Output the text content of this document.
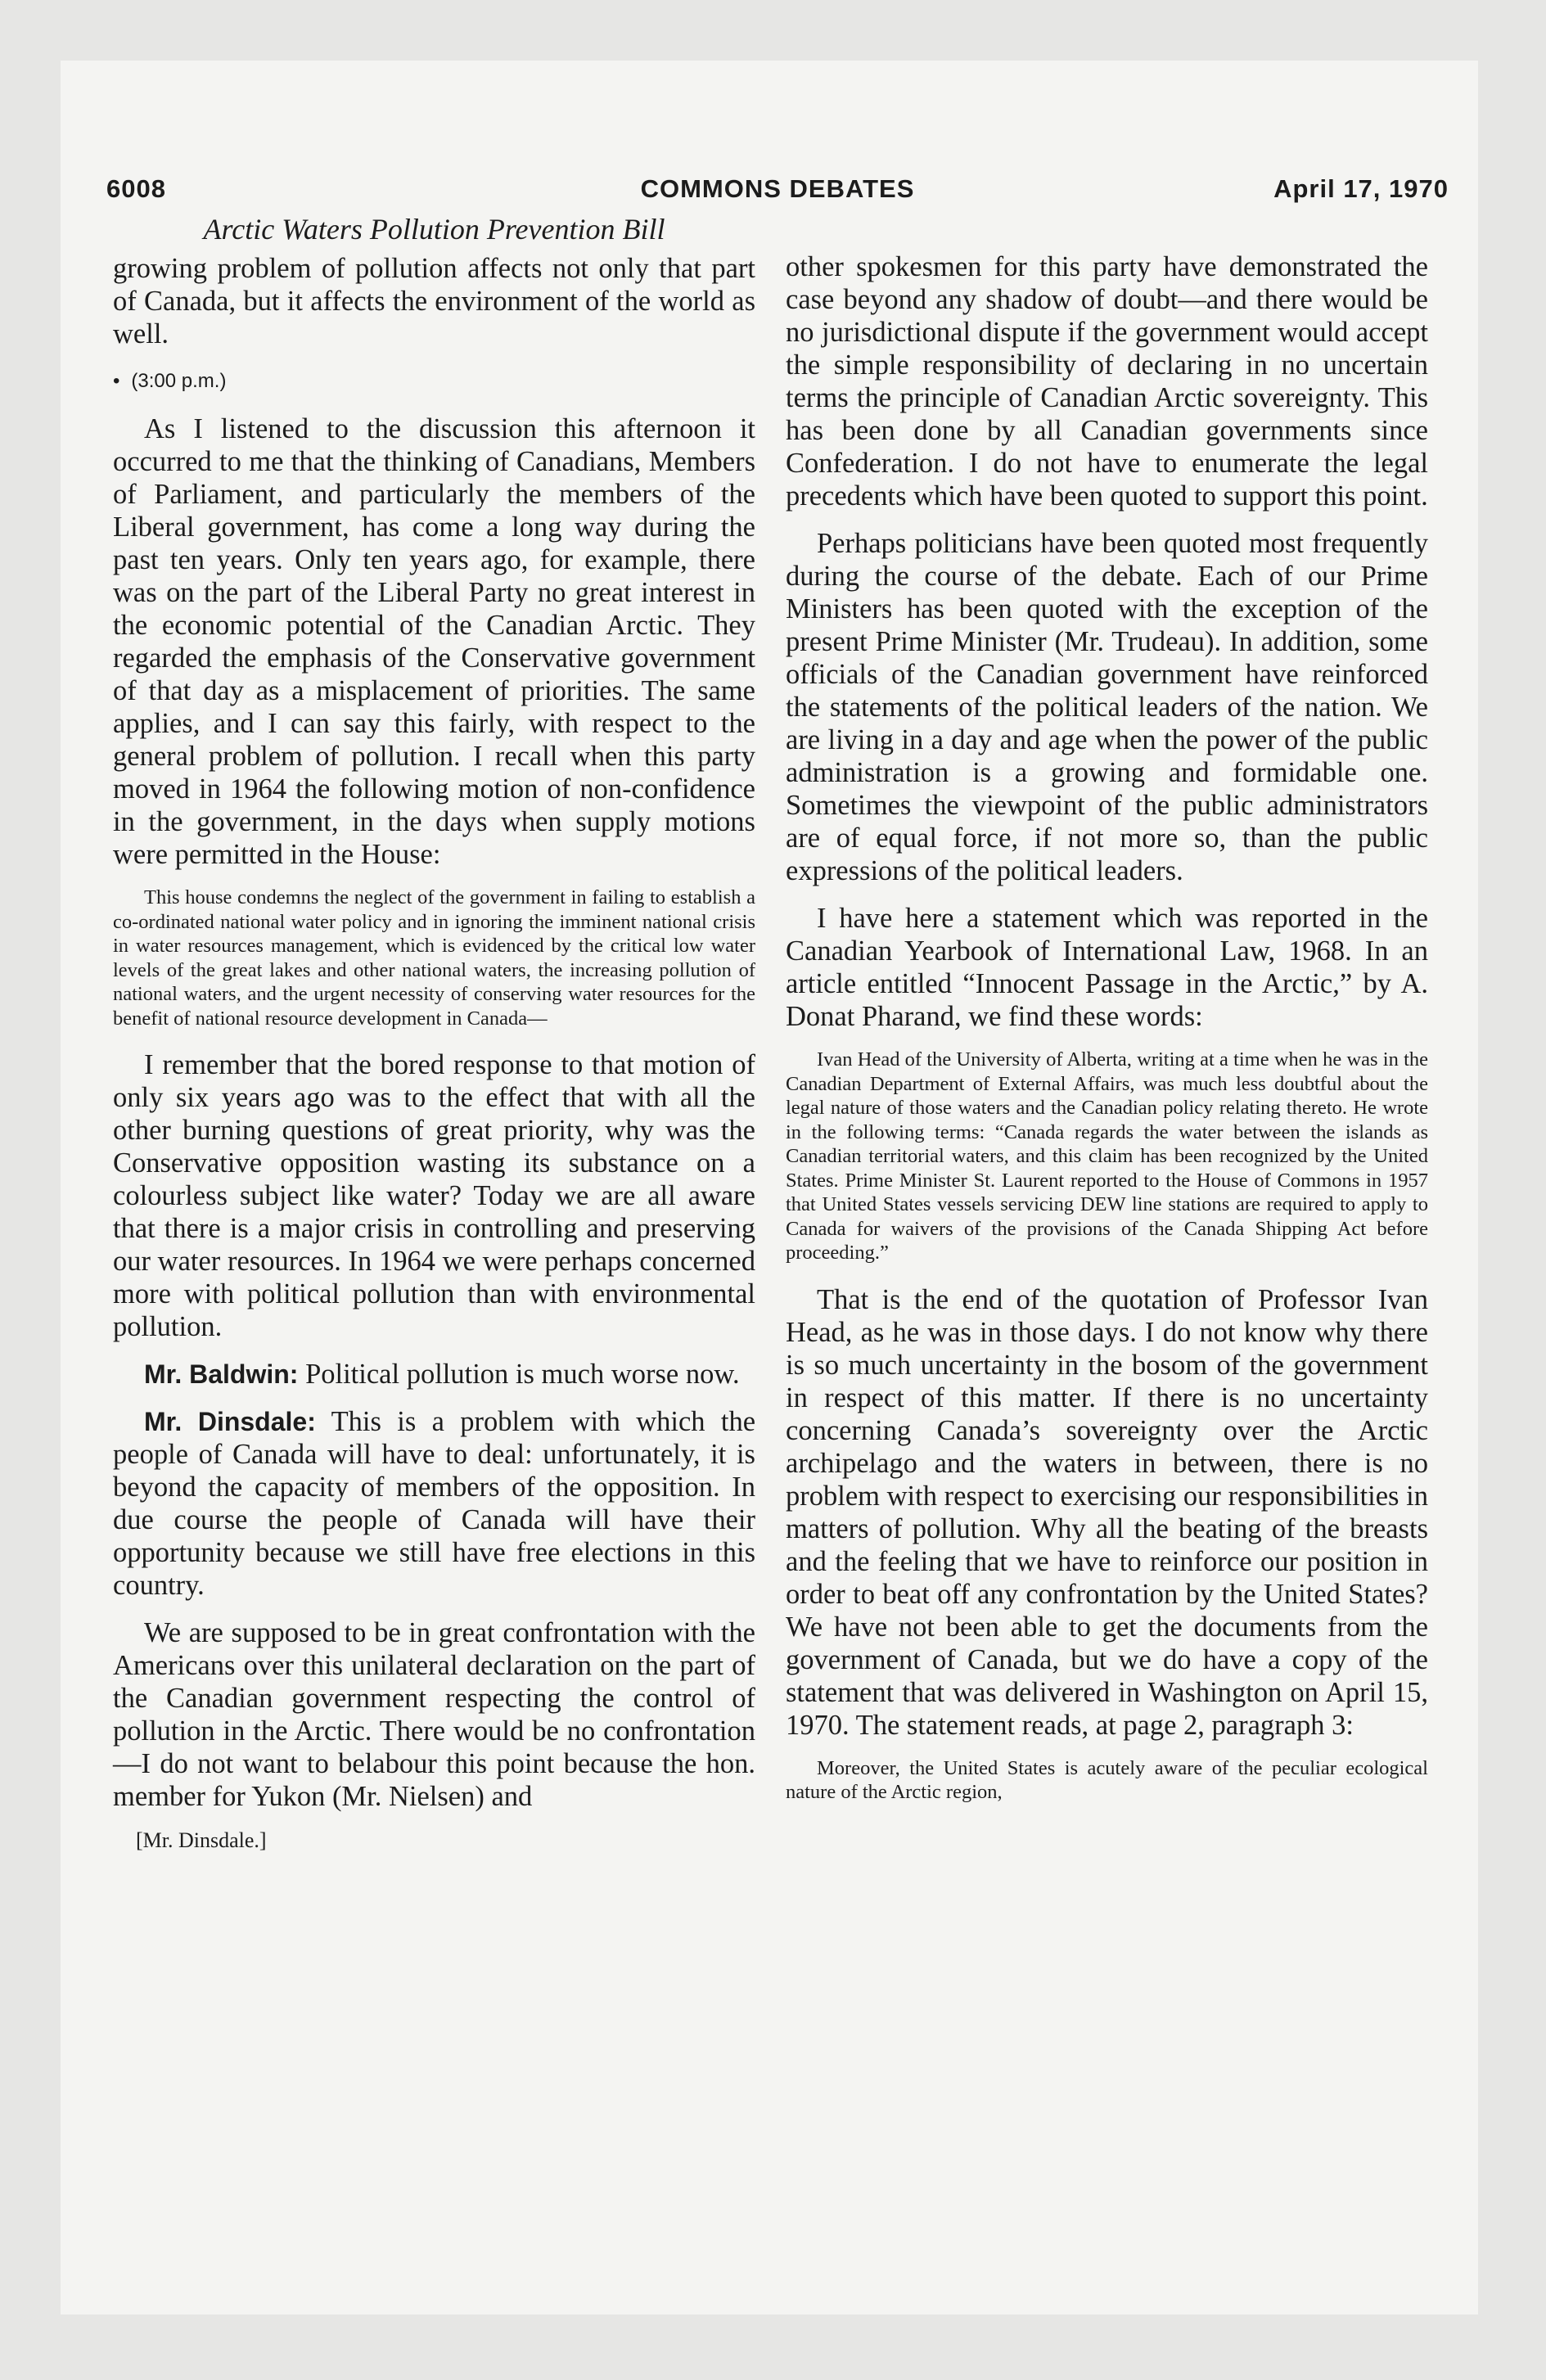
6008	COMMONS DEBATES	April 17, 1970
Arctic Waters Pollution Prevention Bill

growing problem of pollution affects not only that part of Canada, but it affects the environment of the world as well.

• (3:00 p.m.)

As I listened to the discussion this afternoon it occurred to me that the thinking of Canadians, Members of Parliament, and particularly the members of the Liberal government, has come a long way during the past ten years. Only ten years ago, for example, there was on the part of the Liberal Party no great interest in the economic potential of the Canadian Arctic. They regarded the emphasis of the Conservative government of that day as a misplacement of priorities. The same applies, and I can say this fairly, with respect to the general problem of pollution. I recall when this party moved in 1964 the following motion of non-confidence in the government, in the days when supply motions were permitted in the House:

This house condemns the neglect of the government in failing to establish a co-ordinated national water policy and in ignoring the imminent national crisis in water resources management, which is evidenced by the critical low water levels of the great lakes and other national waters, the increasing pollution of national waters, and the urgent necessity of conserving water resources for the benefit of national resource development in Canada—

I remember that the bored response to that motion of only six years ago was to the effect that with all the other burning questions of great priority, why was the Conservative opposition wasting its substance on a colourless subject like water? Today we are all aware that there is a major crisis in controlling and preserving our water resources. In 1964 we were perhaps concerned more with political pollution than with environmental pollution.

Mr. Baldwin: Political pollution is much worse now.

Mr. Dinsdale: This is a problem with which the people of Canada will have to deal: unfortunately, it is beyond the capacity of members of the opposition. In due course the people of Canada will have their opportunity because we still have free elections in this country.

We are supposed to be in great confrontation with the Americans over this unilateral declaration on the part of the Canadian government respecting the control of pollution in the Arctic. There would be no confrontation—I do not want to belabour this point because the hon. member for Yukon (Mr. Nielsen) and

[Mr. Dinsdale.]

other spokesmen for this party have demonstrated the case beyond any shadow of doubt—and there would be no jurisdictional dispute if the government would accept the simple responsibility of declaring in no uncertain terms the principle of Canadian Arctic sovereignty. This has been done by all Canadian governments since Confederation. I do not have to enumerate the legal precedents which have been quoted to support this point.

Perhaps politicians have been quoted most frequently during the course of the debate. Each of our Prime Ministers has been quoted with the exception of the present Prime Minister (Mr. Trudeau). In addition, some officials of the Canadian government have reinforced the statements of the political leaders of the nation. We are living in a day and age when the power of the public administration is a growing and formidable one. Sometimes the viewpoint of the public administrators are of equal force, if not more so, than the public expressions of the political leaders.

I have here a statement which was reported in the Canadian Yearbook of International Law, 1968. In an article entitled “Innocent Passage in the Arctic,” by A. Donat Pharand, we find these words:

Ivan Head of the University of Alberta, writing at a time when he was in the Canadian Department of External Affairs, was much less doubtful about the legal nature of those waters and the Canadian policy relating thereto. He wrote in the following terms: “Canada regards the water between the islands as Canadian territorial waters, and this claim has been recognized by the United States. Prime Minister St. Laurent reported to the House of Commons in 1957 that United States vessels servicing DEW line stations are required to apply to Canada for waivers of the provisions of the Canada Shipping Act before proceeding.”

That is the end of the quotation of Professor Ivan Head, as he was in those days. I do not know why there is so much uncertainty in the bosom of the government in respect of this matter. If there is no uncertainty concerning Canada’s sovereignty over the Arctic archipelago and the waters in between, there is no problem with respect to exercising our responsibilities in matters of pollution. Why all the beating of the breasts and the feeling that we have to reinforce our position in order to beat off any confrontation by the United States? We have not been able to get the documents from the government of Canada, but we do have a copy of the statement that was delivered in Washington on April 15, 1970. The statement reads, at page 2, paragraph 3:

Moreover, the United States is acutely aware of the peculiar ecological nature of the Arctic region,
